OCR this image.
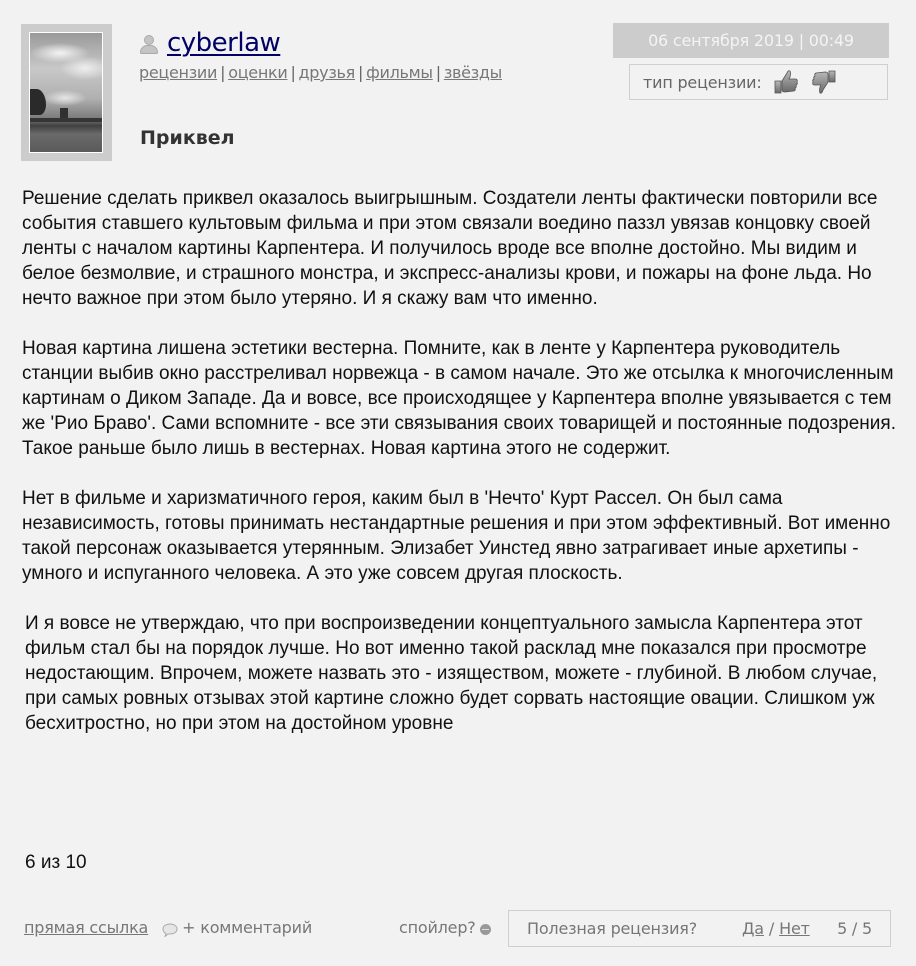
cyberlaw
рецензии | оценки | друзья | фильмы | звёзды
Приквел
06 сентября 2019 | 00:49
тип рецензии:

Решение сделать приквел оказалось выигрышным. Создатели ленты фактически повторили все события ставшего культовым фильма и при этом связали воедино паззл увязав концовку своей ленты с началом картины Карпентера. И получилось вроде все вполне достойно. Мы видим и белое безмолвие, и страшного монстра, и экспресс-анализы крови, и пожары на фоне льда. Но нечто важное при этом было утеряно. И я скажу вам что именно.

Новая картина лишена эстетики вестерна. Помните, как в ленте у Карпентера руководитель станции выбив окно расстреливал норвежца - в самом начале. Это же отсылка к многочисленным картинам о Диком Западе. Да и вовсе, все происходящее у Карпентера вполне увязывается с тем же 'Рио Браво'. Сами вспомните - все эти связывания своих товарищей и постоянные подозрения. Такое раньше было лишь в вестернах. Новая картина этого не содержит.

Нет в фильме и харизматичного героя, каким был в 'Нечто' Курт Рассел. Он был сама независимость, готовы принимать нестандартные решения и при этом эффективный. Вот именно такой персонаж оказывается утерянным. Элизабет Уинстед явно затрагивает иные архетипы - умного и испуганного человека. А это уже совсем другая плоскость.

И я вовсе не утверждаю, что при воспроизведении концептуального замысла Карпентера этот фильм стал бы на порядок лучше. Но вот именно такой расклад мне показался при просмотре недостающим. Впрочем, можете назвать это - изяществом, можете - глубиной. В любом случае, при самых ровных отзывах этой картине сложно будет сорвать настоящие овации. Слишком уж бесхитростно, но при этом на достойном уровне

6 из 10
прямая ссылка + комментарий	спойлер?	Полезная рецензия?	Да / Нет 5 / 5
